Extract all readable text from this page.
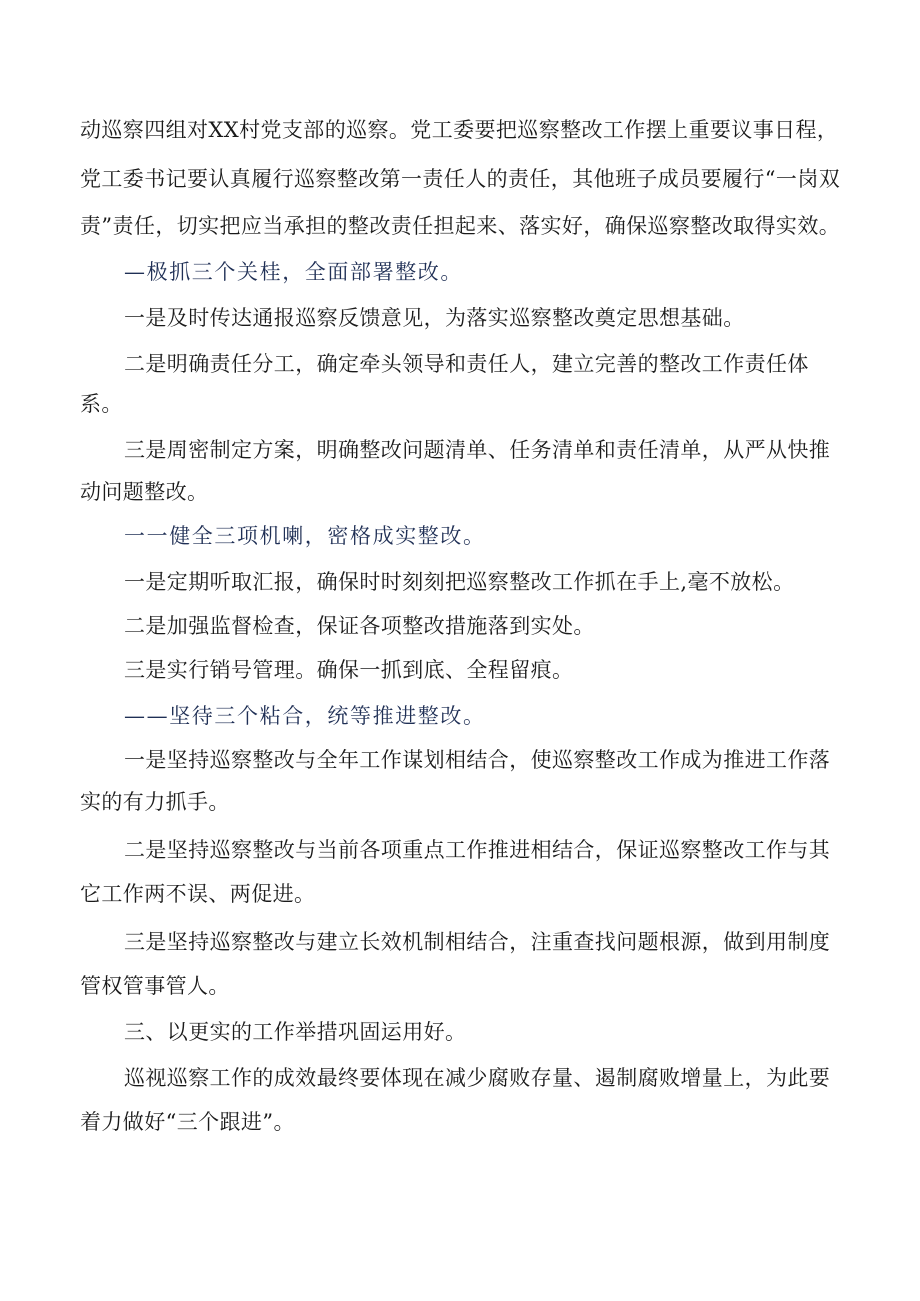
动巡察四组对XX村党支部的巡察。党工委要把巡察整改工作摆上重要议事日程，
党工委书记要认真履行巡察整改第一责任人的责任，其他班子成员要履行“一岗双
责”责任，切实把应当承担的整改责任担起来、落实好，确保巡察整改取得实效。
—极抓三个关桂，全面部署整改。
一是及时传达通报巡察反馈意见，为落实巡察整改奠定思想基础。
二是明确责任分工，确定牵头领导和责任人，建立完善的整改工作责任体
系。
三是周密制定方案，明确整改问题清单、任务清单和责任清单，从严从快推
动问题整改。
一一健全三项机喇，密格成实整改。
一是定期听取汇报，确保时时刻刻把巡察整改工作抓在手上,毫不放松。
二是加强监督检查，保证各项整改措施落到实处。
三是实行销号管理。确保一抓到底、全程留痕。
——坚待三个粘合，统等推进整改。
一是坚持巡察整改与全年工作谋划相结合，使巡察整改工作成为推进工作落
实的有力抓手。
二是坚持巡察整改与当前各项重点工作推进相结合，保证巡察整改工作与其
它工作两不误、两促进。
三是坚持巡察整改与建立长效机制相结合，注重查找问题根源，做到用制度
管权管事管人。
三、以更实的工作举措巩固运用好。
巡视巡察工作的成效最终要体现在减少腐败存量、遏制腐败增量上，为此要
着力做好“三个跟进”。
